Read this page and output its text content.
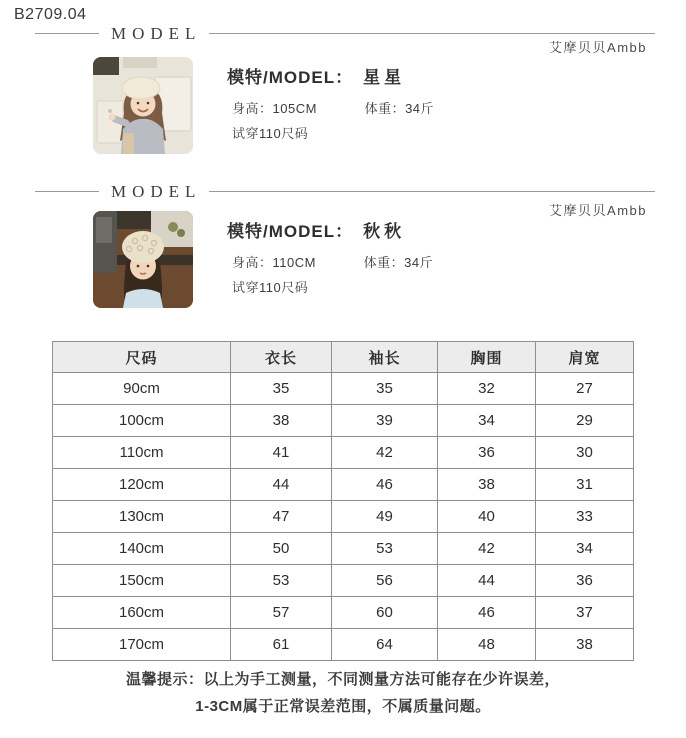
B2709.04
MODEL
艾摩贝贝Ambb
模特/MODEL： 星星
身高：105CM	体重：34斤
试穿110尺码
MODEL
艾摩贝贝Ambb
模特/MODEL： 秋秋
身高：110CM	体重：34斤
试穿110尺码
尺码	衣长	袖长	胸围	肩宽
90cm	35	35	32	27
100cm	38	39	34	29
110cm	41	42	36	30
120cm	44	46	38	31
130cm	47	49	40	33
140cm	50	53	42	34
150cm	53	56	44	36
160cm	57	60	46	37
170cm	61	64	48	38
温馨提示：以上为手工测量，不同测量方法可能存在少许误差，
1-3CM属于正常误差范围，不属质量问题。
